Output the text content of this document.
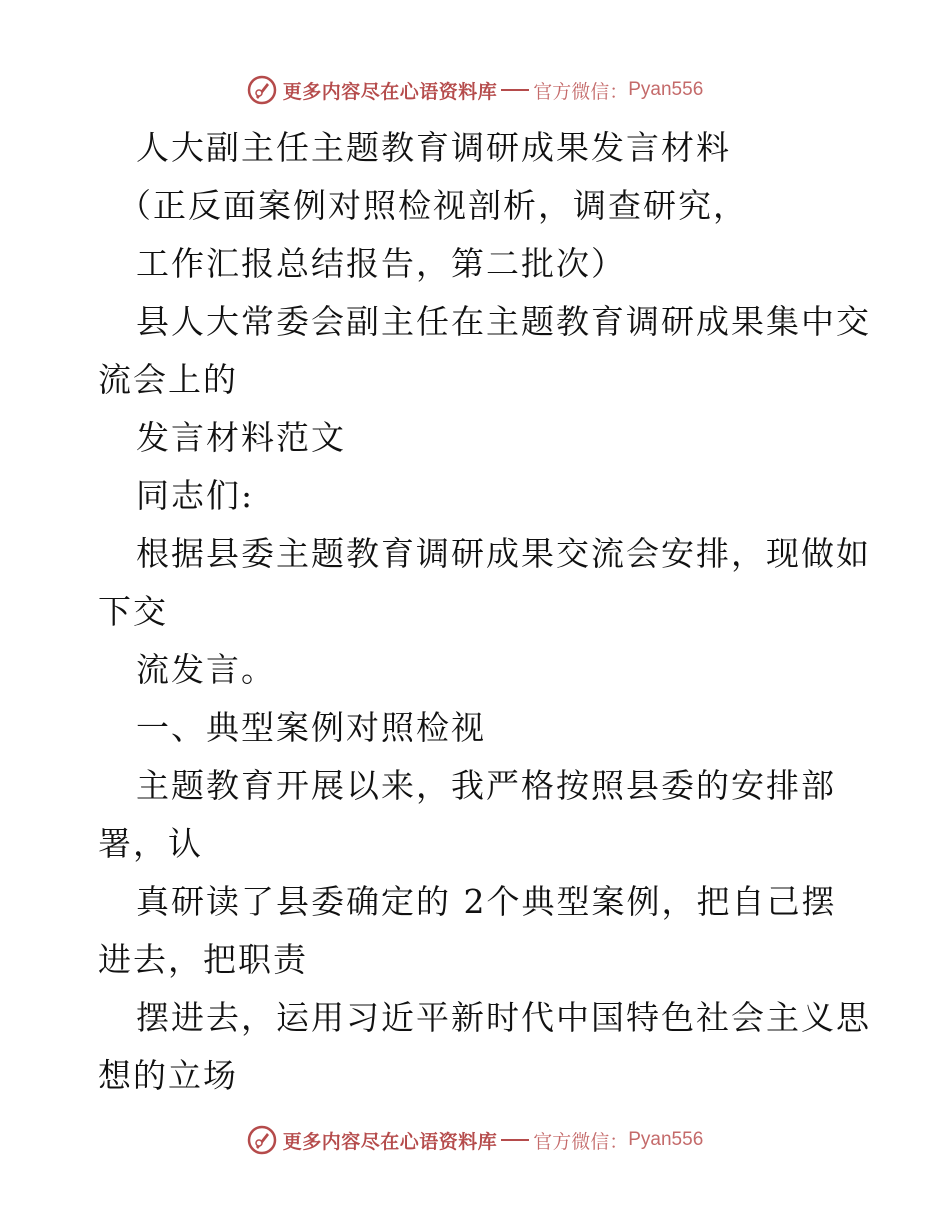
更多内容尽在心语资料库 官方微信： Pyan556
人大副主任主题教育调研成果发言材料
（正反面案例对照检视剖析，调查研究，
工作汇报总结报告，第二批次）
县人大常委会副主任在主题教育调研成果集中交
流会上的
发言材料范文
同志们:
根据县委主题教育调研成果交流会安排，现做如
下交
流发言。
一、典型案例对照检视
主题教育开展以来，我严格按照县委的安排部
署，认
真研读了县委确定的 2个典型案例，把自己摆
进去，把职责
摆进去，运用习近平新时代中国特色社会主义思
想的立场
更多内容尽在心语资料库 官方微信： Pyan556
